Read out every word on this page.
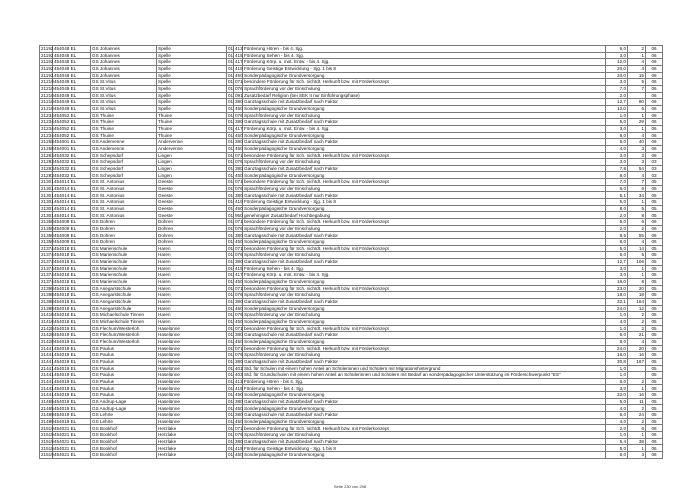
21192	454048 EL	GS Johannes	Spelle	01	413	Förderung Hören - bis 4. Sjg.	6,0	2	06
21192	454048 EL	GS Johannes	Spelle	01	415	Förderung Sehen - bis 4. Sjg.	3,0	1	06
21192	454048 EL	GS Johannes	Spelle	01	417	Förderung Körp. u. mot. Entw. - bis 4. Sjg.	12,0	4	06
21192	454048 EL	GS Johannes	Spelle	01	419	Förderung Geistige Entwicklung - Sjg. 1 bis 8	20,0	4	06
21192	454048 EL	GS Johannes	Spelle	01	450	Sonderpädagogische Grundversorgung	20,0	15	06
21210	454049 EL	GS St.Vitus	Spelle	01	071	besondere Förderung für Sch. nichtdt. Herkunft bzw. mit Förderkonzept	3,0	5	06
21210	454049 EL	GS St.Vitus	Spelle	01	076	Sprachförderung vor der Einschulung	7,0	7	06
21210	454049 EL	GS St.Vitus	Spelle	01	091	Zusatzbedarf Religion (bei SEK II nur Einführungsphase)	2,0		06
21210	454049 EL	GS St.Vitus	Spelle	01	380	Ganztagsschule mit Zusatzbedarf nach Faktor	12,7	80	06
21210	454049 EL	GS St.Vitus	Spelle	01	450	Sonderpädagogische Grundversorgung	12,0	6	06
21234	454052 EL	GS Thuine	Thuine	01	076	Sprachförderung vor der Einschulung	1,0	1	06
21234	454052 EL	GS Thuine	Thuine	01	380	Ganztagsschule mit Zusatzbedarf nach Faktor	5,0	29	06
21234	454052 EL	GS Thuine	Thuine	01	417	Förderung Körp. u. mot. Entw. - bis 4. Sjg.	3,0	1	06
21234	454052 EL	GS Thuine	Thuine	01	450	Sonderpädagogische Grundversorgung	8,0	4	06
21258	454001 EL	GS Andervenne	Andervenne	01	380	Ganztagsschule mit Zusatzbedarf nach Faktor	5,0	40	06
21258	454001 EL	GS Andervenne	Andervenne	01	450	Sonderpädagogische Grundversorgung	4,0	3	06
21283	454032 EL	GS Schepsdorf	Lingen	01	071	besondere Förderung für Sch. nichtdt. Herkunft bzw. mit Förderkonzept	3,0	3	06
21283	454032 EL	GS Schepsdorf	Lingen	01	076	Sprachförderung vor der Einschulung	3,0	3	03
21283	454032 EL	GS Schepsdorf	Lingen	01	380	Ganztagsschule mit Zusatzbedarf nach Faktor	7,8	54	03
21283	454032 EL	GS Schepsdorf	Lingen	01	450	Sonderpädagogische Grundversorgung	8,0	4	03
21301	454014 EL	GS St. Antonius	Geeste	01	071	besondere Förderung für Sch. nichtdt. Herkunft bzw. mit Förderkonzept	7,0	7	05
21301	454014 EL	GS St. Antonius	Geeste	01	076	Sprachförderung vor der Einschulung	6,0	6	05
21301	454014 EL	GS St. Antonius	Geeste	01	380	Ganztagsschule mit Zusatzbedarf nach Faktor	5,1	34	05
21301	454014 EL	GS St. Antonius	Geeste	01	419	Förderung Geistige Entwicklung - Sjg. 1 bis 8	5,0	1	05
21301	454014 EL	GS St. Antonius	Geeste	01	450	Sonderpädagogische Grundversorgung	8,0	5	05
21301	454014 EL	GS St. Antonius	Geeste	01	950	genehmigter Zusatzbedarf Hochbegabung	2,0	8	05
21350	454009 EL	GS Dohren	Dohren	01	071	besondere Förderung für Sch. nichtdt. Herkunft bzw. mit Förderkonzept	5,0	6	06
21350	454009 EL	GS Dohren	Dohren	01	076	Sprachförderung vor der Einschulung	2,0	2	06
21350	454009 EL	GS Dohren	Dohren	01	380	Ganztagsschule mit Zusatzbedarf nach Faktor	8,6	55	06
21350	454009 EL	GS Dohren	Dohren	01	450	Sonderpädagogische Grundversorgung	8,0	4	06
21374	454018 EL	GS Marienschule	Haren	01	071	besondere Förderung für Sch. nichtdt. Herkunft bzw. mit Förderkonzept	5,0	14	05
21374	454018 EL	GS Marienschule	Haren	01	076	Sprachförderung vor der Einschulung	5,0	5	05
21374	454018 EL	GS Marienschule	Haren	01	380	Ganztagsschule mit Zusatzbedarf nach Faktor	12,7	106	05
21374	454018 EL	GS Marienschule	Haren	01	415	Förderung Sehen - bis 4. Sjg.	3,0	1	05
21374	454018 EL	GS Marienschule	Haren	01	417	Förderung Körp. u. mot. Entw. - bis 4. Sjg.	3,0	1	05
21374	454018 EL	GS Marienschule	Haren	01	450	Sonderpädagogische Grundversorgung	16,0	8	05
21398	454018 EL	GS Anegarstschule	Haren	01	071	besondere Förderung für Sch. nichtdt. Herkunft bzw. mit Förderkonzept	23,0	20	05
21398	454018 EL	GS Anegarstschule	Haren	01	076	Sprachförderung vor der Einschulung	18,0	18	05
21398	454018 EL	GS Anegarstschule	Haren	01	380	Ganztagsschule mit Zusatzbedarf nach Faktor	32,1	164	05
21398	454018 EL	GS Anegarstschule	Haren	01	450	Sonderpädagogische Grundversorgung	24,0	12	05
21416	454018 EL	GS Michaelschule Tinnen	Haren	01	076	Sprachförderung vor der Einschulung	1,0	2	05
21416	454018 EL	GS Michaelschule Tinnen	Haren	01	450	Sonderpädagogische Grundversorgung	4,0	2	05
21428	454019 EL	GS Flechum/Westerloh	Haselünne	01	071	besondere Förderung für Sch. nichtdt. Herkunft bzw. mit Förderkonzept	1,0	2	05
21428	454019 EL	GS Flechum/Westerloh	Haselünne	01	380	Ganztagsschule mit Zusatzbedarf nach Faktor	5,0	21	05
21428	454019 EL	GS Flechum/Westerloh	Haselünne	01	450	Sonderpädagogische Grundversorgung	8,0	4	05
21441	454019 EL	GS Paulus	Haselünne	01	071	besondere Förderung für Sch. nichtdt. Herkunft bzw. mit Förderkonzept	24,0	20	05
21441	454019 EL	GS Paulus	Haselünne	01	076	Sprachförderung vor der Einschulung	16,0	16	05
21441	454019 EL	GS Paulus	Haselünne	01	380	Ganztagsschule mit Zusatzbedarf nach Faktor	30,8	167	05
21441	454019 EL	GS Paulus	Haselünne	01	401	Std. für Schulen mit einem hohen Anteil an Schülerinnen und Schülern mit Migrationshintergrund	1,0		05
21441	454019 EL	GS Paulus	Haselünne	01	403	Std. für Grundschulen mit einem hohen Anteil an Schülerinnen und Schülern mit Bedarf an sonderpädagogischer Unterstützung im Förderschwerpunkt "ES"	1,0		05
21441	454019 EL	GS Paulus	Haselünne	01	413	Förderung Hören - bis 4. Sjg.	6,0	2	05
21441	454019 EL	GS Paulus	Haselünne	01	415	Förderung Sehen - bis 4. Sjg.	3,0	1	05
21441	454019 EL	GS Paulus	Haselünne	01	450	Sonderpädagogische Grundversorgung	32,0	16	05
21465	454019 EL	GS Andrup-Lage	Haselünne	01	380	Ganztagsschule mit Zusatzbedarf nach Faktor	5,0	11	05
21465	454019 EL	GS Andrup-Lage	Haselünne	01	450	Sonderpädagogische Grundversorgung	4,0	2	05
21489	454019 EL	GS Lehrte	Haselünne	01	380	Ganztagsschule mit Zusatzbedarf nach Faktor	5,0	24	05
21489	454019 EL	GS Lehrte	Haselünne	01	450	Sonderpädagogische Grundversorgung	4,0	2	05
21519	454021 EL	GS Bookhof	Herzlake	01	071	besondere Förderung für Sch. nichtdt. Herkunft bzw. mit Förderkonzept	2,0	6	06
21519	454021 EL	GS Bookhof	Herzlake	01	076	Sprachförderung vor der Einschulung	1,0	1	06
21519	454021 EL	GS Bookhof	Herzlake	01	380	Ganztagsschule mit Zusatzbedarf nach Faktor	5,4	39	06
21519	454021 EL	GS Bookhof	Herzlake	01	419	Förderung Geistige Entwicklung - Sjg. 1 bis 8	5,0	1	06
21519	454021 EL	GS Bookhof	Herzlake	01	450	Sonderpädagogische Grundversorgung	6,0	3	06
Seite 230 von 298
